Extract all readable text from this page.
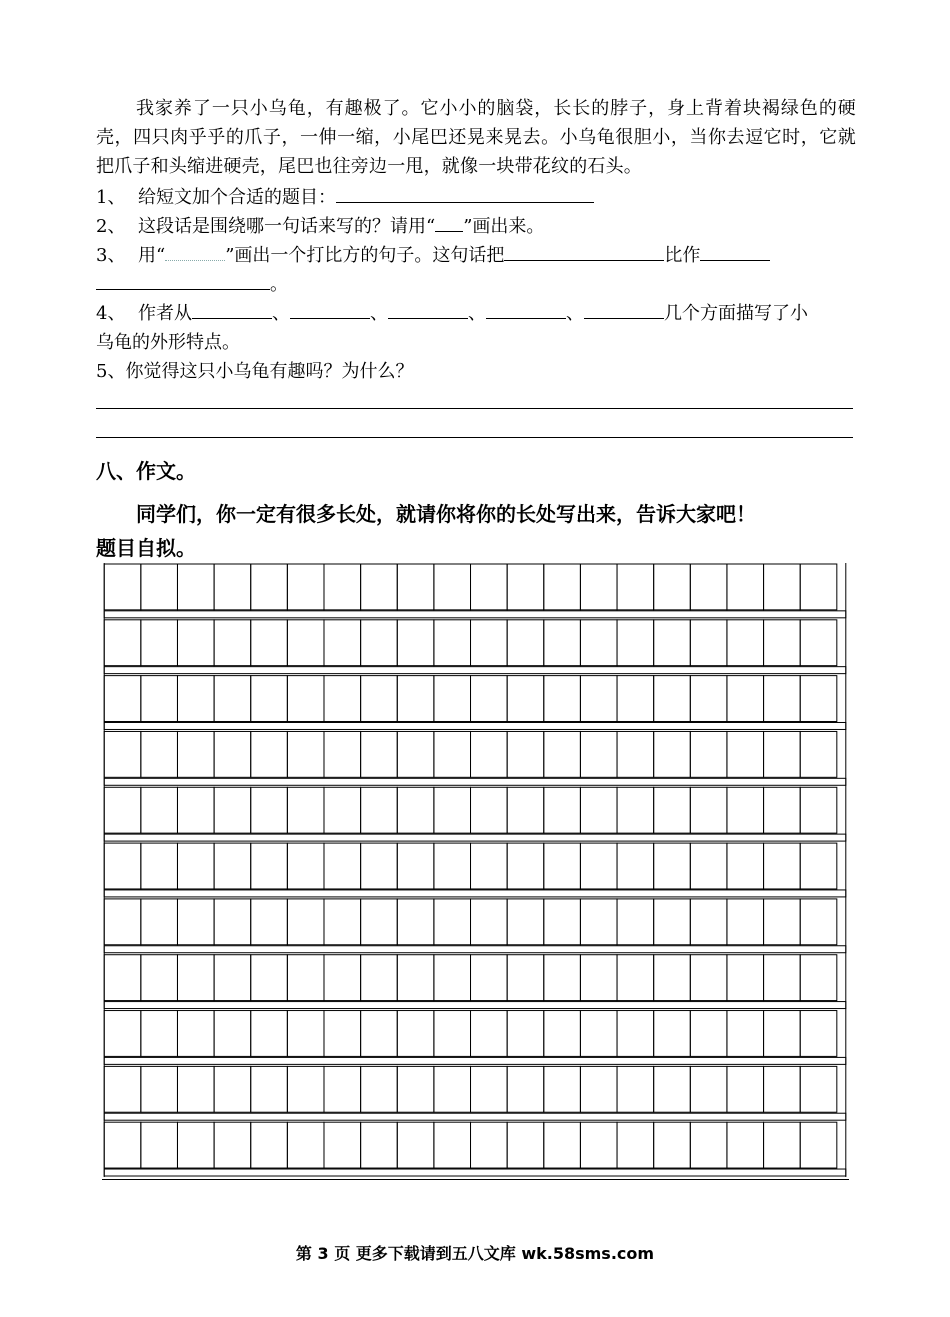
我家养了一只小乌龟，有趣极了。它小小的脑袋，长长的脖子，身上背着块褐绿色的硬壳，四只肉乎乎的爪子，一伸一缩，小尾巴还晃来晃去。小乌龟很胆小，当你去逗它时，它就把爪子和头缩进硬壳，尾巴也往旁边一甩，就像一块带花纹的石头。

1、 给短文加个合适的题目：
2、 这段话是围绕哪一句话来写的？请用“ ”画出来。
3、 用“	”画出一个打比方的句子。这句话把	比作
。
4、 作者从	、	、	、	、	几个方面描写了小
乌龟的外形特点。
5、你觉得这只小乌龟有趣吗？为什么？
八、作文。
同学们，你一定有很多长处，就请你将你的长处写出来，告诉大家吧！
题目自拟。
第 3 页 更多下载请到五八文库 wk.58sms.com
